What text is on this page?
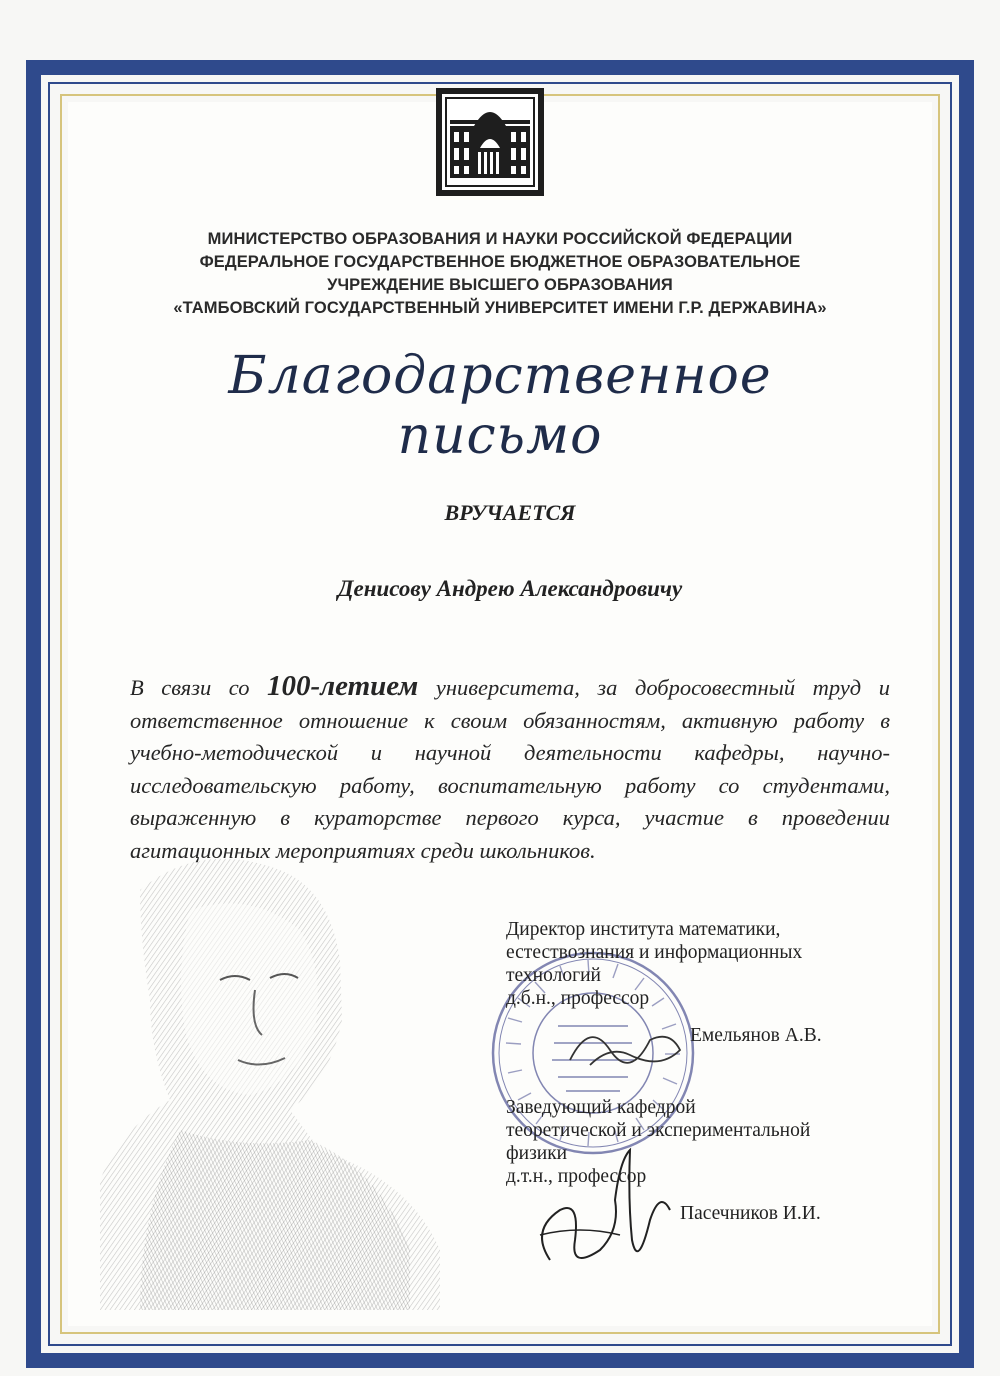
МИНИСТЕРСТВО ОБРАЗОВАНИЯ И НАУКИ РОССИЙСКОЙ ФЕДЕРАЦИИ
ФЕДЕРАЛЬНОЕ ГОСУДАРСТВЕННОЕ БЮДЖЕТНОЕ ОБРАЗОВАТЕЛЬНОЕ
УЧРЕЖДЕНИЕ ВЫСШЕГО ОБРАЗОВАНИЯ
«ТАМБОВСКИЙ ГОСУДАРСТВЕННЫЙ УНИВЕРСИТЕТ ИМЕНИ Г.Р. ДЕРЖАВИНА»
Благодарственное письмо
ВРУЧАЕТСЯ
Денисову Андрею Александровичу
В связи со 100-летием университета, за добросовестный труд и ответственное отношение к своим обязанностям, активную работу в учебно-методической и научной деятельности кафедры, научно-исследовательскую работу, воспитательную работу со студентами, выраженную в кураторстве первого курса, участие в проведении агитационных мероприятиях среди школьников.
Директор института математики,
естествознания и информационных
технологий
д.б.н., профессор
Емельянов А.В.
Заведующий кафедрой
теоретической и экспериментальной
физики
д.т.н., профессор
Пасечников И.И.
